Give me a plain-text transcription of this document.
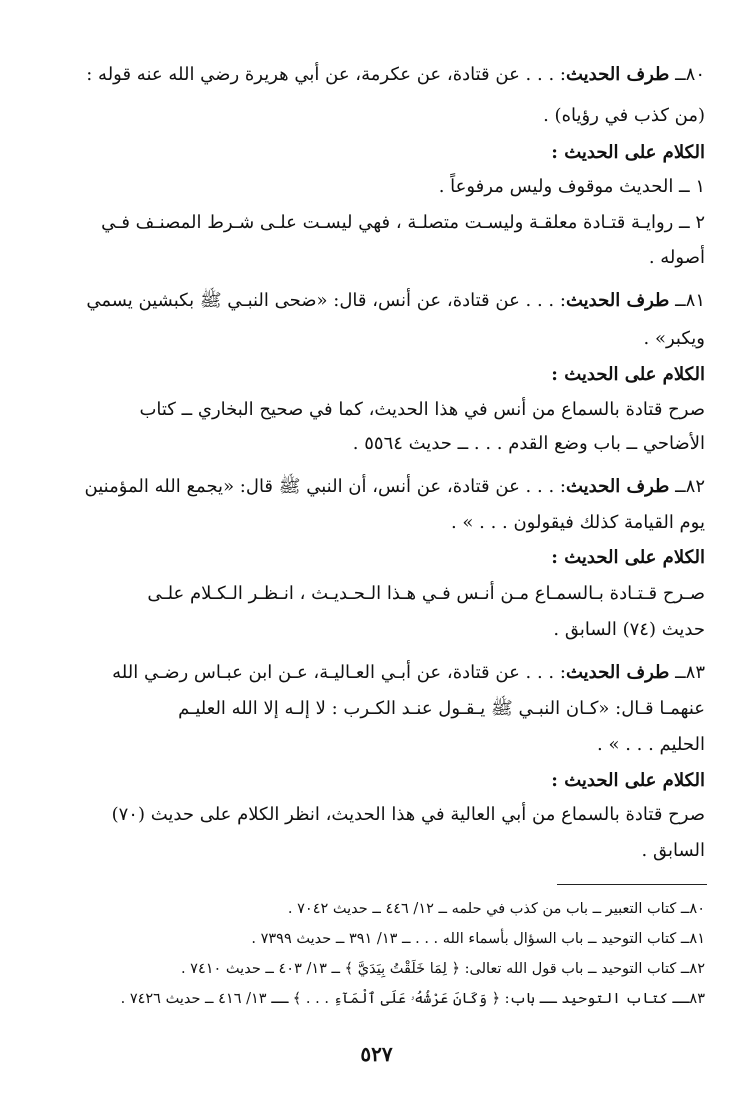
٨٠ــ طرف الحديث: . . . عن قتادة، عن عكرمة، عن أبي هريرة رضي الله عنه قوله :
(من كذب في رؤياه) .
الكلام على الحديث :
١ ــ الحديث موقوف وليس مرفوعاً .
٢ ــ روايـة قتـادة معلقـة وليسـت متصلـة ، فهي ليسـت علـى شـرط المصنـف فـي
أصوله .
٨١ــ طرف الحديث: . . . عن قتادة، عن أنس، قال: «ضحى النبـي ﷺ بكبشين يسمي
ويكبر» .
الكلام على الحديث :
صرح قتادة بالسماع من أنس في هذا الحديث، كما في صحيح البخاري ــ كتاب
الأضاحي ــ باب وضع القدم . . . ــ حديث ٥٥٦٤ .
٨٢ــ طرف الحديث: . . . عن قتادة، عن أنس، أن النبي ﷺ قال: «يجمع الله المؤمنين
يوم القيامة كذلك فيقولون . . . » .
الكلام على الحديث :
صـرح قـتـادة بـالسمـاع مـن أنـس فـي هـذا الـحـديـث ، انـظـر الـكـلام علـى
حديث (٧٤) السابق .
٨٣ــ طرف الحديث: . . . عن قتادة، عن أبـي العـاليـة، عـن ابن عبـاس رضـي الله
عنهمـا قـال: «كـان النبـي ﷺ يـقـول عنـد الكـرب : لا إلـه إلا الله العليـم
الحليم . . . » .
الكلام على الحديث :
صرح قتادة بالسماع من أبي العالية في هذا الحديث، انظر الكلام على حديث (٧٠)
السابق .
٨٠ــ كتاب التعبير ــ باب من كذب في حلمه ــ ١٢/ ٤٤٦ ــ حديث ٧٠٤٢ .
٨١ــ كتاب التوحيد ــ باب السؤال بأسماء الله . . . ــ ١٣/ ٣٩١ ــ حديث ٧٣٩٩ .
٨٢ــ كتاب التوحيد ــ باب قول الله تعالى: ﴿ لِمَا خَلَقْتُ بِيَدَيَّ ﴾ ــ ١٣/ ٤٠٣ ــ حديث ٧٤١٠ .
٨٣ــ كتاب التوحيد ــ باب: ﴿ وَكَانَ عَرْشُهُۥ عَلَى ٱلْمَآءِ . . . ﴾ ــ ١٣/ ٤١٦ ــ حديث ٧٤٢٦ .
٥٢٧
